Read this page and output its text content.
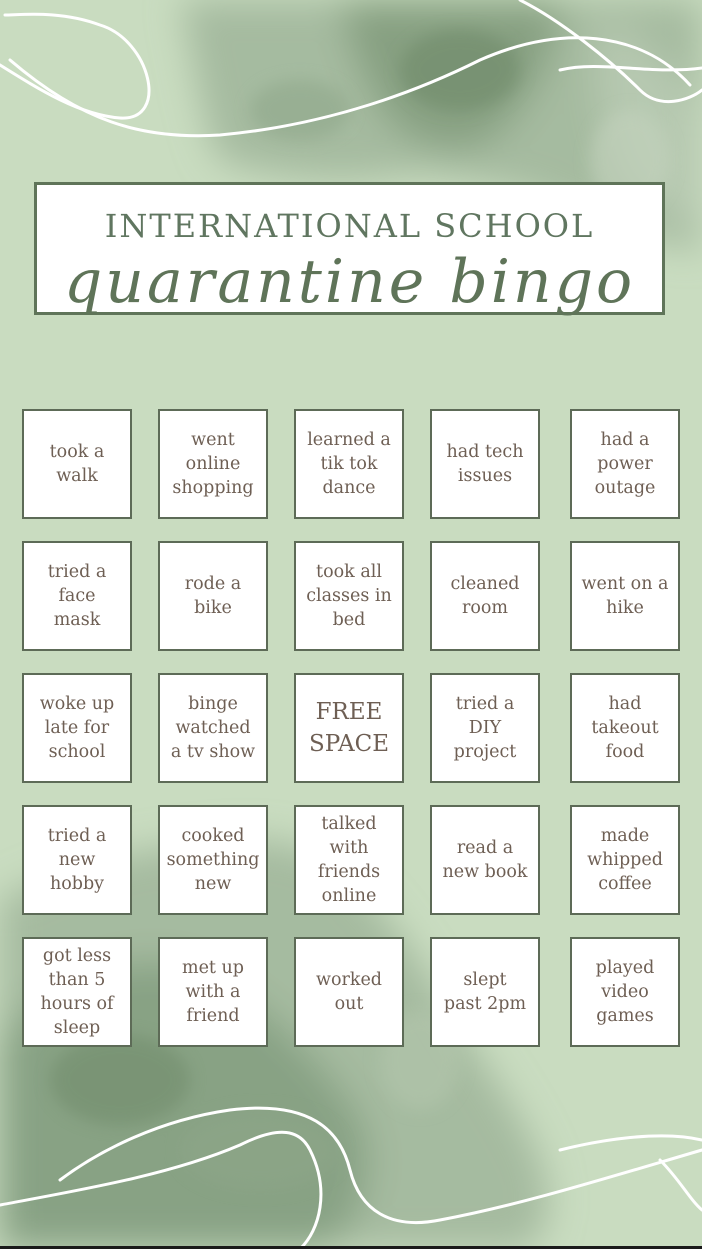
INTERNATIONAL SCHOOL
quarantine bingo
took a
walk
went
online
shopping
learned a
tik tok
dance
had tech
issues
had a
power
outage
tried a
face
mask
rode a
bike
took all
classes in
bed
cleaned
room
went on a
hike
woke up
late for
school
binge
watched
a tv show
FREE
SPACE
tried a
DIY
project
had
takeout
food
tried a
new
hobby
cooked
something
new
talked
with
friends
online
read a
new book
made
whipped
coffee
got less
than 5
hours of
sleep
met up
with a
friend
worked
out
slept
past 2pm
played
video
games
